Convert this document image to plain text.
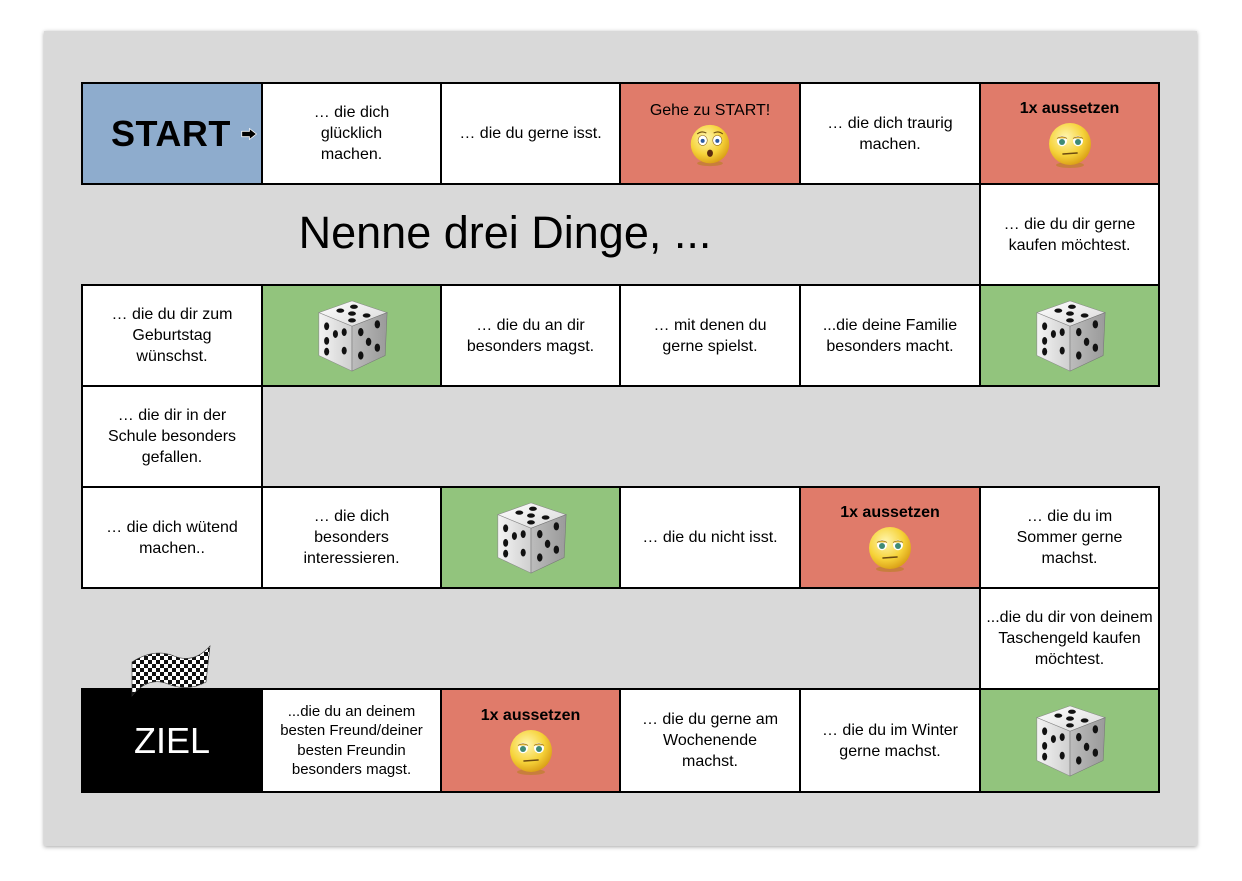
Nenne drei Dinge, ...
START
… die dich glücklich machen.
… die du gerne isst.
Gehe zu START!
… die dich traurig machen.
1x aussetzen
… die du dir gerne kaufen möchtest.
… die du dir zum Geburtstag wünschst.
… die du an dir besonders magst.
… mit denen du gerne spielst.
...die deine Familie besonders macht.
… die dir in der Schule besonders gefallen.
… die dich wütend machen..
… die dich besonders interessieren.
… die du nicht isst.
1x aussetzen	… die du im Sommer gerne machst.
...die du dir von deinem Taschengeld kaufen möchtest.
ZIEL
...die du an deinem besten Freund/deiner besten Freundin besonders magst.
1x aussetzen	… die du gerne am Wochenende machst.
… die du im Winter gerne machst.
